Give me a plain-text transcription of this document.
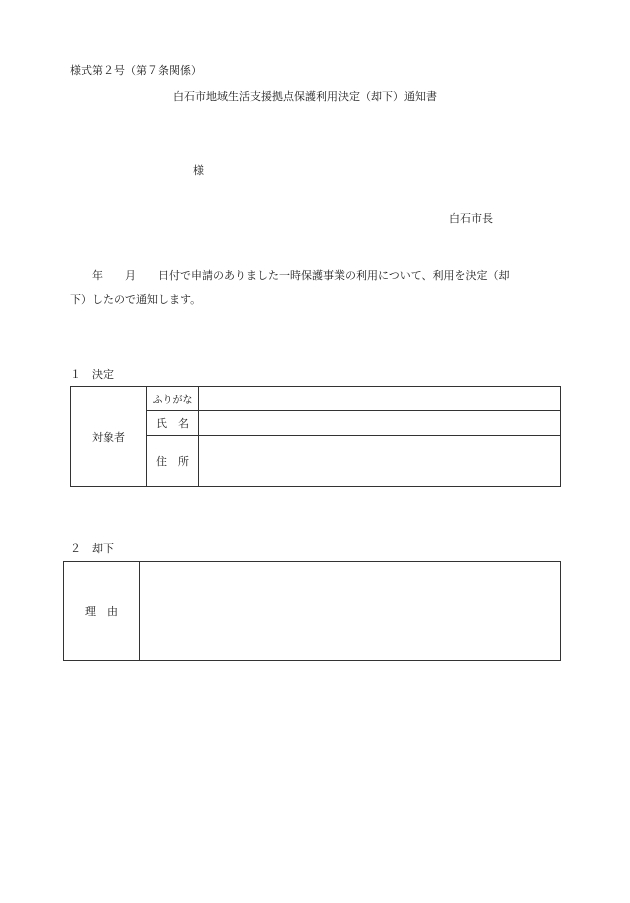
様式第２号（第７条関係）
白石市地域生活支援拠点保護利用決定（却下）通知書
様
白石市長
　　年　　月　　日付で申請のありました一時保護事業の利用について、利用を決定（却
下）したので通知します。
１　決定
対象者	ふりがな	
	氏　名	
	住　所	
２　却下
理　由	
